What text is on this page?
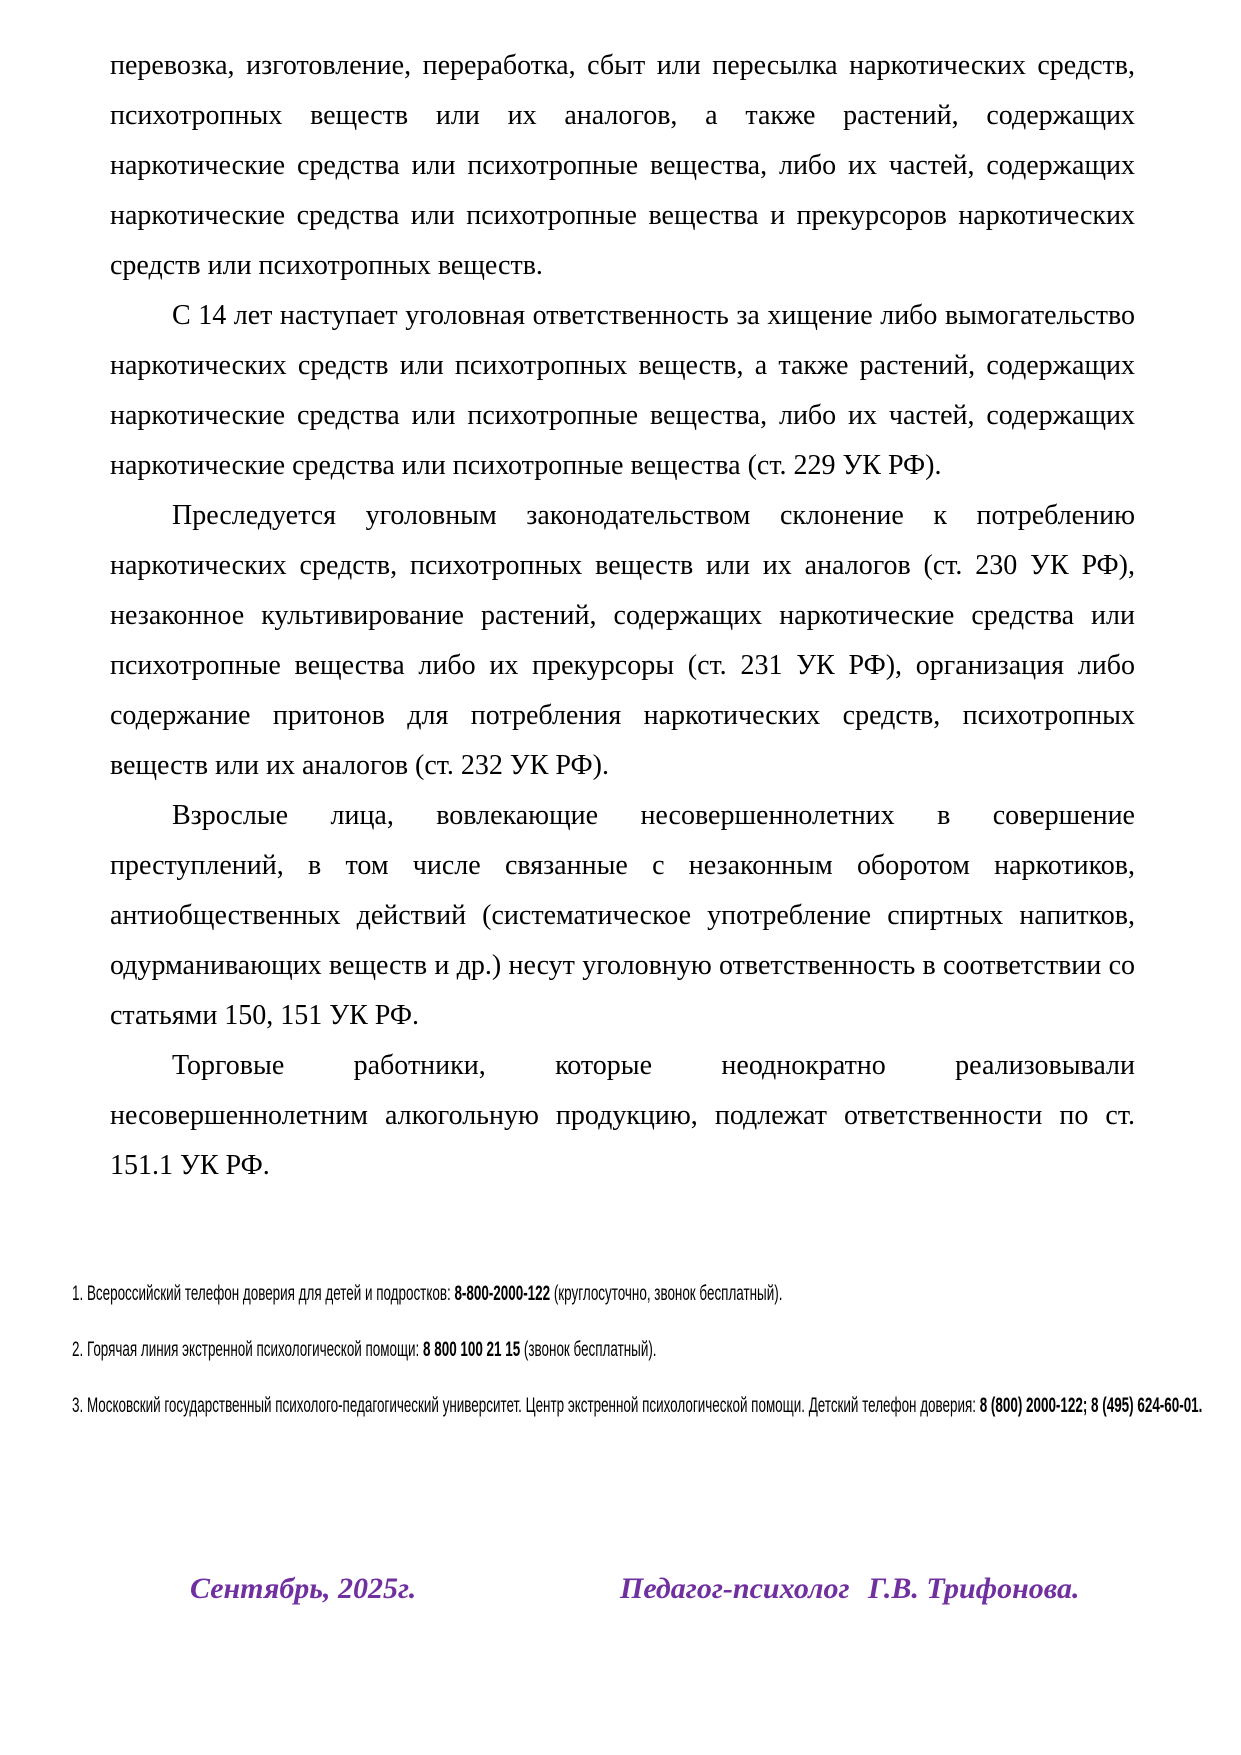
перевозка, изготовление, переработка, сбыт или пересылка наркотических средств, психотропных веществ или их аналогов, а также растений, содержащих наркотические средства или психотропные вещества, либо их частей, содержащих наркотические средства или психотропные вещества и прекурсоров наркотических средств или психотропных веществ.

С 14 лет наступает уголовная ответственность за хищение либо вымогательство наркотических средств или психотропных веществ, а также растений, содержащих наркотические средства или психотропные вещества, либо их частей, содержащих наркотические средства или психотропные вещества (ст. 229 УК РФ).

Преследуется уголовным законодательством склонение к потреблению наркотических средств, психотропных веществ или их аналогов (ст. 230 УК РФ), незаконное культивирование растений, содержащих наркотические средства или психотропные вещества либо их прекурсоры (ст. 231 УК РФ), организация либо содержание притонов для потребления наркотических средств, психотропных веществ или их аналогов (ст. 232 УК РФ).

Взрослые лица, вовлекающие несовершеннолетних в совершение преступлений, в том числе связанные с незаконным оборотом наркотиков, антиобщественных действий (систематическое употребление спиртных напитков, одурманивающих веществ и др.) несут уголовную ответственность в соответствии со статьями 150, 151 УК РФ.

Торговые работники, которые неоднократно реализовывали несовершеннолетним алкогольную продукцию, подлежат ответственности по ст. 151.1 УК РФ.

1. Всероссийский телефон доверия для детей и подростков: 8-800-2000-122 (круглосуточно, звонок бесплатный).
2. Горячая линия экстренной психологической помощи: 8 800 100 21 15 (звонок бесплатный).
3. Московский государственный психолого-педагогический университет. Центр экстренной психологической помощи. Детский телефон доверия: 8 (800) 2000-122; 8 (495) 624-60-01.
Сентябрь, 2025г.	Педагог-психолог Г.В. Трифонова.
